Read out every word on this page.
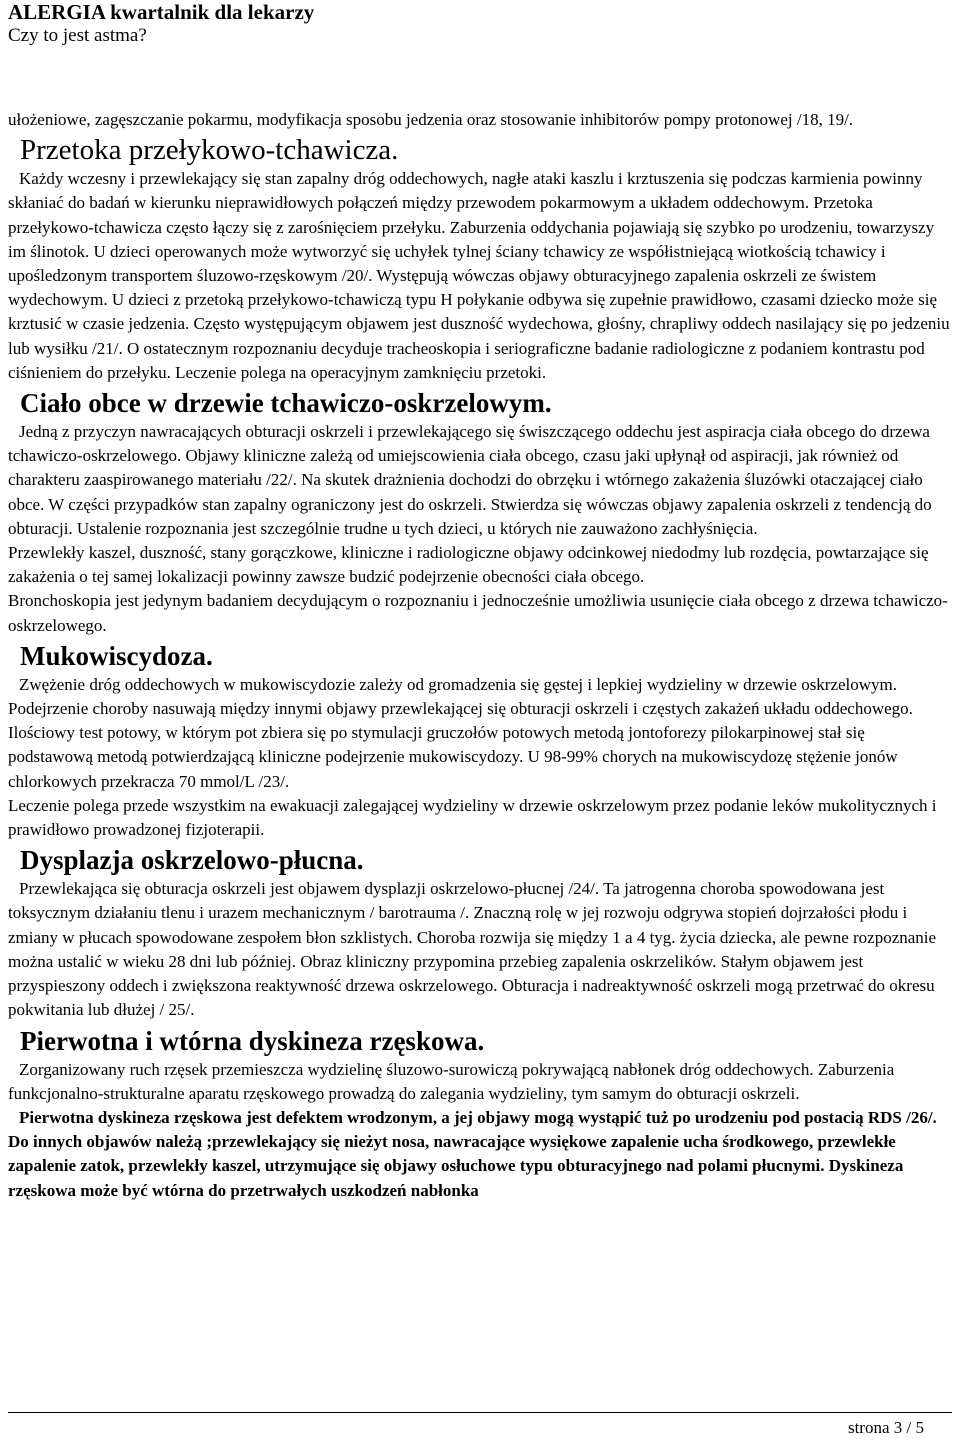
ALERGIA kwartalnik dla lekarzy
Czy to jest astma?

ułożeniowe, zagęszczanie pokarmu, modyfikacja sposobu jedzenia oraz stosowanie inhibitorów pompy protonowej /18, 19/.

Przetoka przełykowo-tchawicza.

Każdy wczesny i przewlekający się stan zapalny dróg oddechowych, nagłe ataki kaszlu i krztuszenia się podczas karmienia powinny skłaniać do badań w kierunku nieprawidłowych połączeń między przewodem pokarmowym a układem oddechowym. Przetoka przełykowo-tchawicza często łączy się z zarośnięciem przełyku. Zaburzenia oddychania pojawiają się szybko po urodzeniu, towarzyszy im ślinotok. U dzieci operowanych może wytworzyć się uchyłek tylnej ściany tchawicy ze współistniejącą wiotkością tchawicy i upośledzonym transportem śluzowo-rzęskowym /20/. Występują wówczas objawy obturacyjnego zapalenia oskrzeli ze świstem wydechowym. U dzieci z przetoką przełykowo-tchawiczą typu H połykanie odbywa się zupełnie prawidłowo, czasami dziecko może się krztusić w czasie jedzenia. Często występującym objawem jest duszność wydechowa, głośny, chrapliwy oddech nasilający się po jedzeniu lub wysiłku /21/. O ostatecznym rozpoznaniu decyduje tracheoskopia i seriograficzne badanie radiologiczne z podaniem kontrastu pod ciśnieniem do przełyku. Leczenie polega na operacyjnym zamknięciu przetoki.

Ciało obce w drzewie tchawiczo-oskrzelowym.

Jedną z przyczyn nawracających obturacji oskrzeli i przewlekającego się świszczącego oddechu jest aspiracja ciała obcego do drzewa tchawiczo-oskrzelowego. Objawy kliniczne zależą od umiejscowienia ciała obcego, czasu jaki upłynął od aspiracji, jak również od charakteru zaaspirowanego materiału /22/. Na skutek drażnienia dochodzi do obrzęku i wtórnego zakażenia śluzówki otaczającej ciało obce. W części przypadków stan zapalny ograniczony jest do oskrzeli. Stwierdza się wówczas objawy zapalenia oskrzeli z tendencją do obturacji. Ustalenie rozpoznania jest szczególnie trudne u tych dzieci, u których nie zauważono zachłyśnięcia.

Przewlekły kaszel, duszność, stany gorączkowe, kliniczne i radiologiczne objawy odcinkowej niedodmy lub rozdęcia, powtarzające się zakażenia o tej samej lokalizacji powinny zawsze budzić podejrzenie obecności ciała obcego.

Bronchoskopia jest jedynym badaniem decydującym o rozpoznaniu i jednocześnie umożliwia usunięcie ciała obcego z drzewa tchawiczo-oskrzelowego.

Mukowiscydoza.

Zwężenie dróg oddechowych w mukowiscydozie zależy od gromadzenia się gęstej i lepkiej wydzieliny w drzewie oskrzelowym. Podejrzenie choroby nasuwają między innymi objawy przewlekającej się obturacji oskrzeli i częstych zakażeń układu oddechowego. Ilościowy test potowy, w którym pot zbiera się po stymulacji gruczołów potowych metodą jontoforezy pilokarpinowej stał się podstawową metodą potwierdzającą kliniczne podejrzenie mukowiscydozy. U 98-99% chorych na mukowiscydozę stężenie jonów chlorkowych przekracza 70 mmol/L /23/.

Leczenie polega przede wszystkim na ewakuacji zalegającej wydzieliny w drzewie oskrzelowym przez podanie leków mukolitycznych i prawidłowo prowadzonej fizjoterapii.

Dysplazja oskrzelowo-płucna.

Przewlekająca się obturacja oskrzeli jest objawem dysplazji oskrzelowo-płucnej /24/. Ta jatrogenna choroba spowodowana jest toksycznym działaniu tlenu i urazem mechanicznym / barotrauma /. Znaczną rolę w jej rozwoju odgrywa stopień dojrzałości płodu i zmiany w płucach spowodowane zespołem błon szklistych. Choroba rozwija się między 1 a 4 tyg. życia dziecka, ale pewne rozpoznanie można ustalić w wieku 28 dni lub później. Obraz kliniczny przypomina przebieg zapalenia oskrzelików. Stałym objawem jest przyspieszony oddech i zwiększona reaktywność drzewa oskrzelowego. Obturacja i nadreaktywność oskrzeli mogą przetrwać do okresu pokwitania lub dłużej / 25/.

Pierwotna i wtórna dyskineza rzęskowa.

Zorganizowany ruch rzęsek przemieszcza wydzielinę śluzowo-surowiczą pokrywającą nabłonek dróg oddechowych. Zaburzenia funkcjonalno-strukturalne aparatu rzęskowego prowadzą do zalegania wydzieliny, tym samym do obturacji oskrzeli.

Pierwotna dyskineza rzęskowa jest defektem wrodzonym, a jej objawy mogą wystąpić tuż po urodzeniu pod postacią RDS /26/. Do innych objawów należą ;przewlekający się nieżyt nosa, nawracające wysiękowe zapalenie ucha środkowego, przewlekłe zapalenie zatok, przewlekły kaszel, utrzymujące się objawy osłuchowe typu obturacyjnego nad polami płucnymi. Dyskineza rzęskowa może być wtórna do przetrwałych uszkodzeń nabłonka

strona 3 / 5
